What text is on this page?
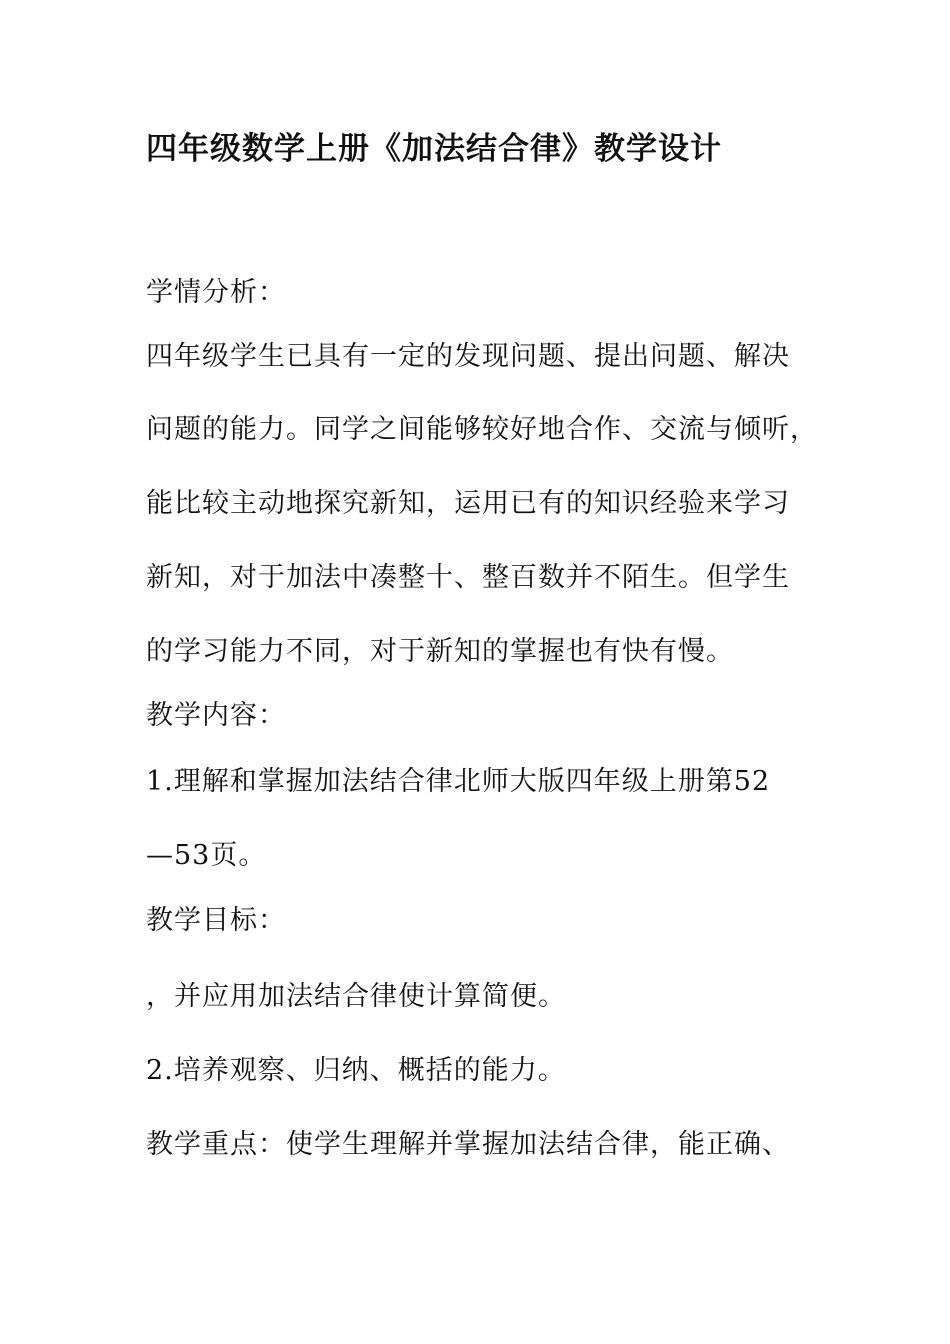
四年级数学上册《加法结合律》教学设计
学情分析：
四年级学生已具有一定的发现问题、提出问题、解决
问题的能力。同学之间能够较好地合作、交流与倾听，
能比较主动地探究新知，运用已有的知识经验来学习
新知，对于加法中凑整十、整百数并不陌生。但学生
的学习能力不同，对于新知的掌握也有快有慢。
教学内容：
1.理解和掌握加法结合律北师大版四年级上册第52
—53页。
教学目标：
，并应用加法结合律使计算简便。
2.培养观察、归纳、概括的能力。
教学重点：使学生理解并掌握加法结合律，能正确、
